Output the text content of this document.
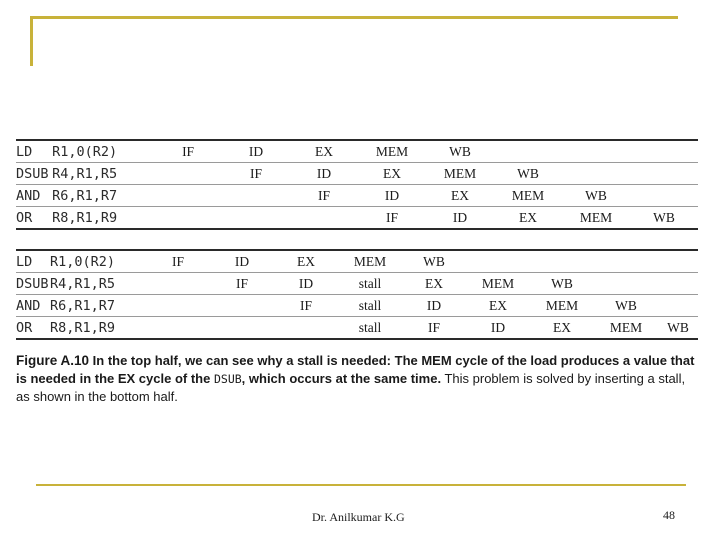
LD	R1,0(R2)	IF	ID	EX	MEM	WB			
DSUB	R4,R1,R5		IF	ID	EX	MEM	WB		
AND	R6,R1,R7			IF	ID	EX	MEM	WB	
OR	R8,R1,R9				IF	ID	EX	MEM	WB
LD	R1,0(R2)	IF	ID	EX	MEM	WB				
DSUB	R4,R1,R5		IF	ID	stall	EX	MEM	WB		
AND	R6,R1,R7			IF	stall	ID	EX	MEM	WB	
OR	R8,R1,R9				stall	IF	ID	EX	MEM	WB
Figure A.10 In the top half, we can see why a stall is needed: The MEM cycle of the load produces a value that is needed in the EX cycle of the DSUB, which occurs at the same time. This problem is solved by inserting a stall, as shown in the bottom half.
Dr. Anilkumar K.G	48
